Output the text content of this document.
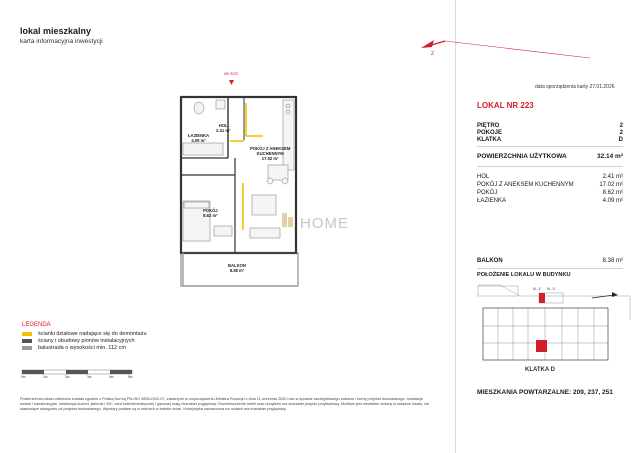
lokal mieszkalny
karta informacyjna inwestycji
Z
WEJŚCIE
HOME
HOL
2.41 m²
ŁAZIENKA
4.09 m²
POKÓJ Z ANEKSEM
KUCHENNYM
17.02 m²
POKÓJ
8.62 m²
BALKON
8.38 m²
data sporządzenia karty 27.01.2026
LOKAL NR 223
PIĘTRO	2
POKOJE	2
KLATKA	D
POWIERZCHNIA UŻYTKOWA	32.14 m²
HOL	2.41 m²
POKÓJ Z ANEKSEM KUCHENNYM	17.02 m²
POKÓJ	8.62 m²
ŁAZIENKA	4.09 m²
BALKON	8.38 m²
POŁOŻENIE LOKALU W BUDYNKU
KL. E KL. D
KLATKA D
MIESZKANIA POWTARZALNE: 209, 237, 251
LEGENDA
ścianki działowe nadające się do demontażu
ściany i obudowy pionów instalacyjnych
balustrada o wysokości min. 112 cm
0m	1m	2m	3m	4m	5m
Powierzchnia lokalu obliczona została zgodnie z Polską Normą PN-ISO 9836:2022-07, zawartymi w rozporządzeniu Ministra Rozwoju z dnia 11 września 2020 roku w sprawie szczegółowego zakresu i formy projektu budowlanego. Instalacje wodne i kanalizacyjne, lokalizacja kuchni, łazienki i WC, sieci teleinformatycznej i gazowej mają charakter poglądowy. Rozmieszczenie mebli oraz urządzeń ma charakter jedynie przykładowy. Możliwe jest niewielkie zmiany w układzie lokalu, nie stanowiące odstępstw od projektu budowlanego. Wymiary podane są w metrach w świetle ścian. Kolorystyka zaznaczona na rzutach ma charakter poglądowy.
